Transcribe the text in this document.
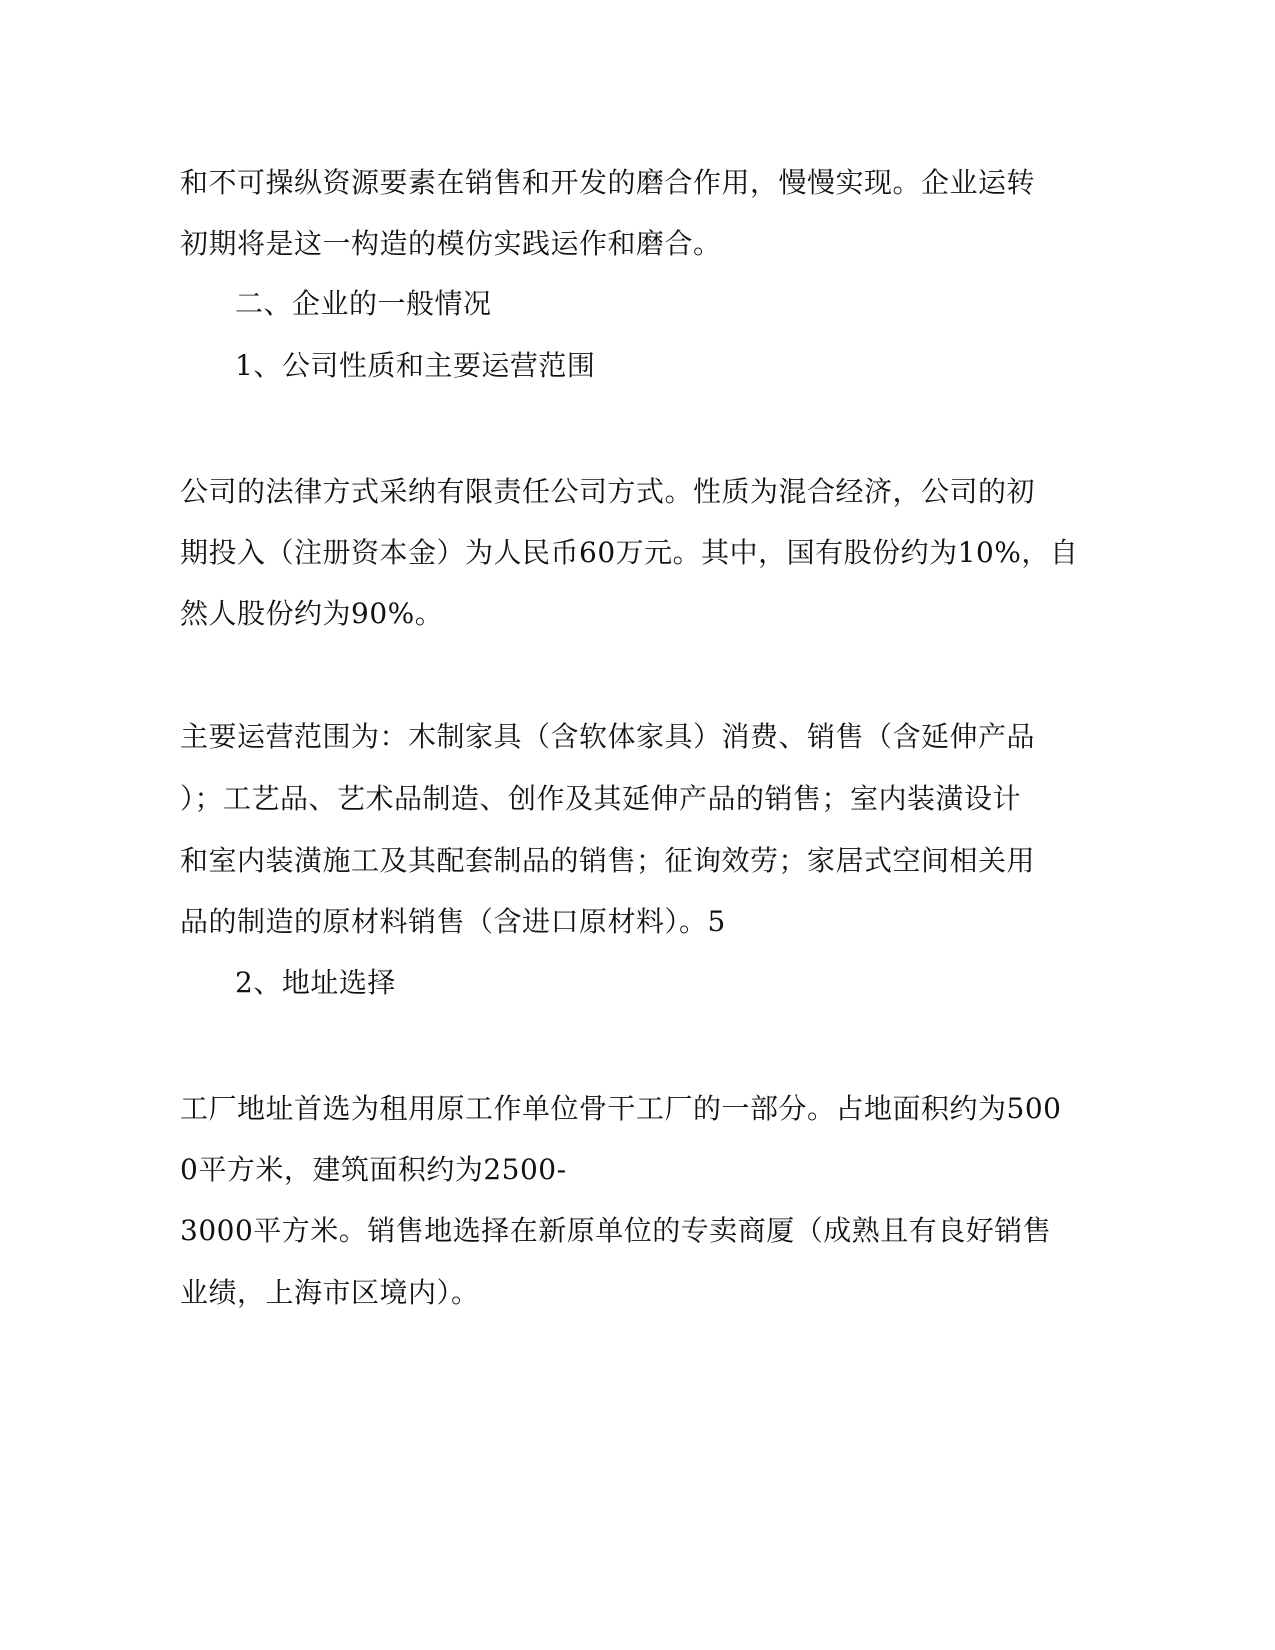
和不可操纵资源要素在销售和开发的磨合作用，慢慢实现。企业运转
初期将是这一构造的模仿实践运作和磨合。
二、企业的一般情况
1、公司性质和主要运营范围
公司的法律方式采纳有限责任公司方式。性质为混合经济，公司的初
期投入（注册资本金）为人民币60万元。其中，国有股份约为10%，自
然人股份约为90%。
主要运营范围为：木制家具（含软体家具）消费、销售（含延伸产品
）；工艺品、艺术品制造、创作及其延伸产品的销售；室内装潢设计
和室内装潢施工及其配套制品的销售；征询效劳；家居式空间相关用
品的制造的原材料销售（含进口原材料）。5
2、地址选择
工厂地址首选为租用原工作单位骨干工厂的一部分。占地面积约为500
0平方米，建筑面积约为2500-
3000平方米。销售地选择在新原单位的专卖商厦（成熟且有良好销售
业绩，上海市区境内）。
